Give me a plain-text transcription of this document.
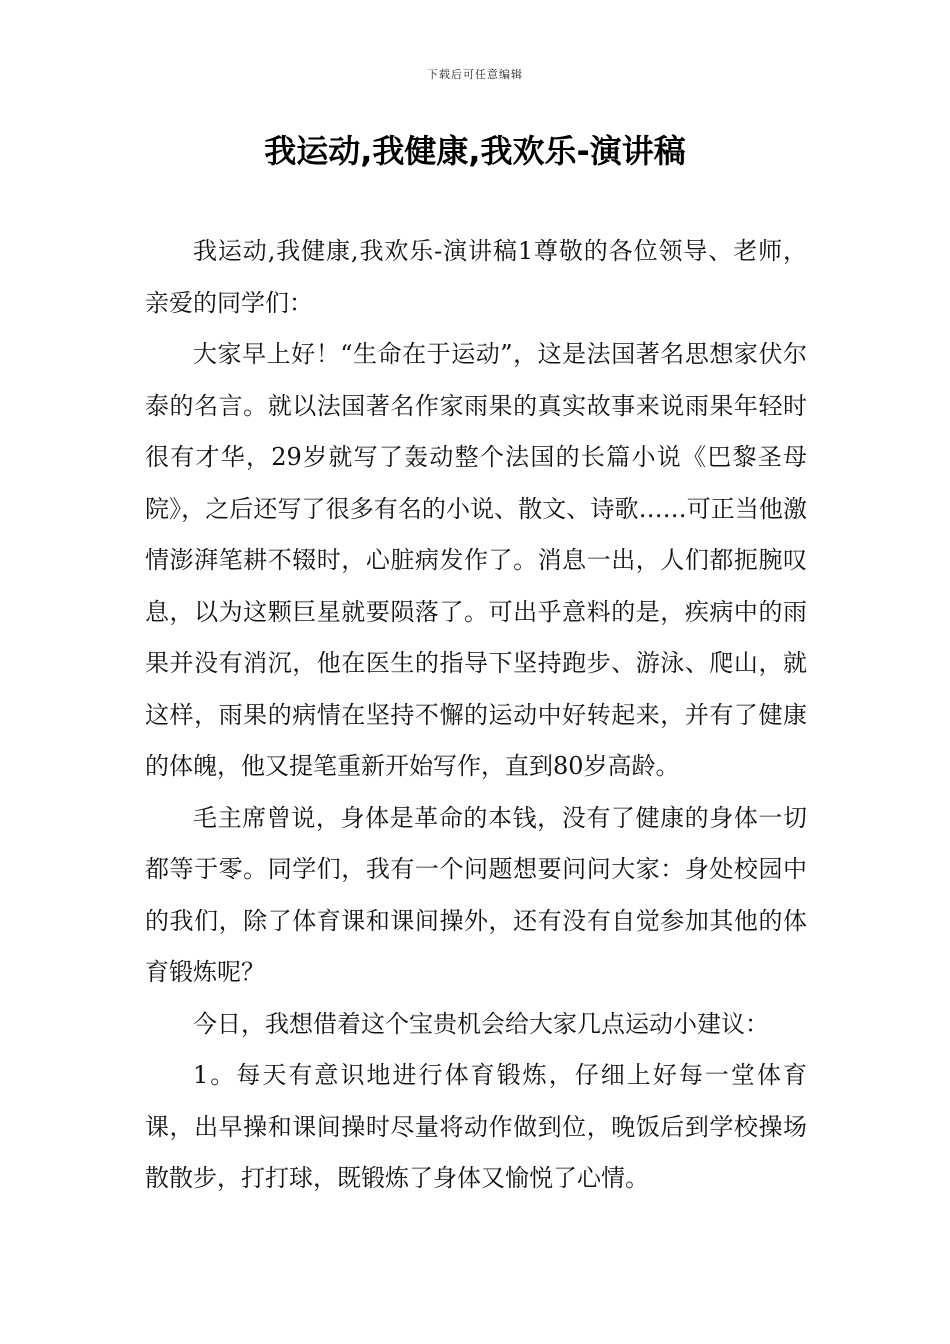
下载后可任意编辑
我运动,我健康,我欢乐-演讲稿

我运动,我健康,我欢乐-演讲稿1尊敬的各位领导、老师，亲爱的同学们：

大家早上好！“生命在于运动”，这是法国著名思想家伏尔泰的名言。就以法国著名作家雨果的真实故事来说雨果年轻时很有才华，29岁就写了轰动整个法国的长篇小说《巴黎圣母院》，之后还写了很多有名的小说、散文、诗歌……可正当他激情澎湃笔耕不辍时，心脏病发作了。消息一出，人们都扼腕叹息，以为这颗巨星就要陨落了。可出乎意料的是，疾病中的雨果并没有消沉，他在医生的指导下坚持跑步、游泳、爬山，就这样，雨果的病情在坚持不懈的运动中好转起来，并有了健康的体魄，他又提笔重新开始写作，直到80岁高龄。

毛主席曾说，身体是革命的本钱，没有了健康的身体一切都等于零。同学们，我有一个问题想要问问大家：身处校园中的我们，除了体育课和课间操外，还有没有自觉参加其他的体育锻炼呢？

今日，我想借着这个宝贵机会给大家几点运动小建议：

1。每天有意识地进行体育锻炼，仔细上好每一堂体育课，出早操和课间操时尽量将动作做到位，晚饭后到学校操场散散步，打打球，既锻炼了身体又愉悦了心情。
